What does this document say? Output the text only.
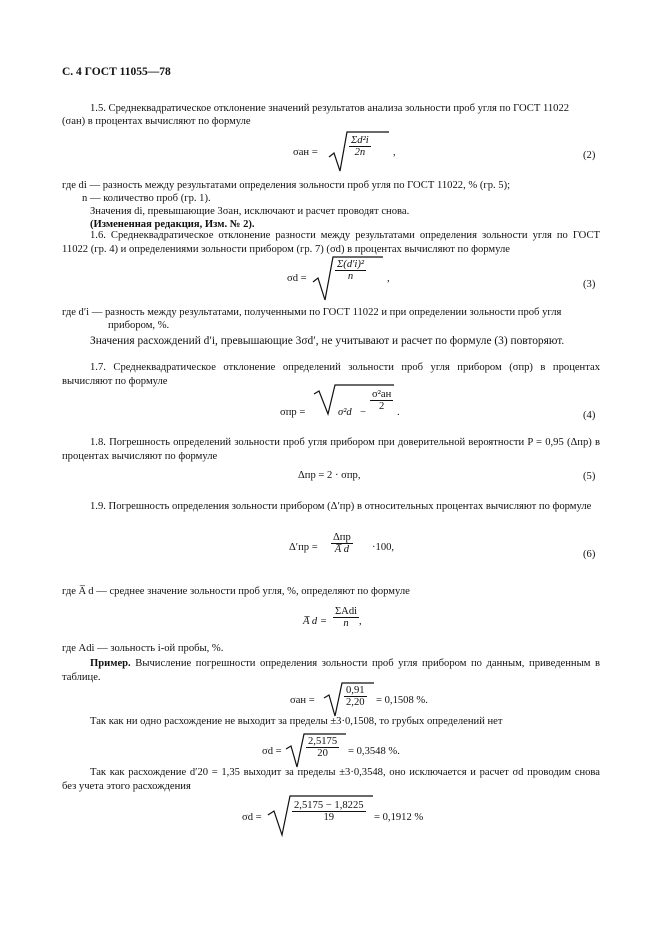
С. 4 ГОСТ 11055—78
1.5. Среднеквадратическое отклонение значений результатов анализа зольности проб угля по ГОСТ 11022
(σан) в процентах вычисляют по формуле
σан =	$\frac{\text{Σd²i}}{2n}$ ,	(2)
где di — разность между результатами определения зольности проб угля по ГОСТ 11022, % (гр. 5);
n — количество проб (гр. 1).
Значения di, превышающие 3σан, исключают и расчет проводят снова.
(Измененная редакция, Изм. № 2).
1.6. Среднеквадратическое отклонение разности между результатами определения зольности угля по ГОСТ 11022 (гр. 4) и определениями зольности прибором (гр. 7) (σd) в процентах вычисляют по формуле
σd =	$\frac{\text{Σ(d′i)²}}{n}$ ,
(3)
где d′i — разность между результатами, полученными по ГОСТ 11022 и при определении зольности проб угля
прибором, %.
Значения расхождений d′i, превышающие 3σd′, не учитывают и расчет по формуле (3) повторяют.
1.7. Среднеквадратическое отклонение определений зольности проб угля прибором (σпр) в процентах вычисляют по формуле
σпр =	σ²d −
σ²ан
2
.	(4)
1.8. Погрешность определений зольности проб угля прибором при доверительной вероятности P = 0,95 (Δпр) в процентах вычисляют по формуле
Δпр = 2 · σпр,	(5)
1.9. Погрешность определения зольности прибором (Δ′пр) в относительных процентах вычисляют по формуле
Δ′пр =
Δпр
A̅ d	·100,
(6)
где A̅ d — среднее значение зольности проб угля, %, определяют по формуле
A̅ d =
ΣAdi
n ,
где Adi — зольность i-ой пробы, %.
Пример. Вычисление погрешности определения зольности проб угля прибором по данным, приведенным в таблице.
σан =	$\frac{0,91}{2,20} = 0,1508$ %.
Так как ни одно расхождение не выходит за пределы ±3·0,1508, то грубых определений нет
$\sigma d = \frac{2,5175}{20} = 0,3548$ %.
Так как расхождение d′20 = 1,35 выходит за пределы ±3·0,3548, оно исключается и расчет σd проводим снова без учета этого расхождения
σd =	$\frac{2,5175 - 1,8225}{19} = 0,1912$ %
